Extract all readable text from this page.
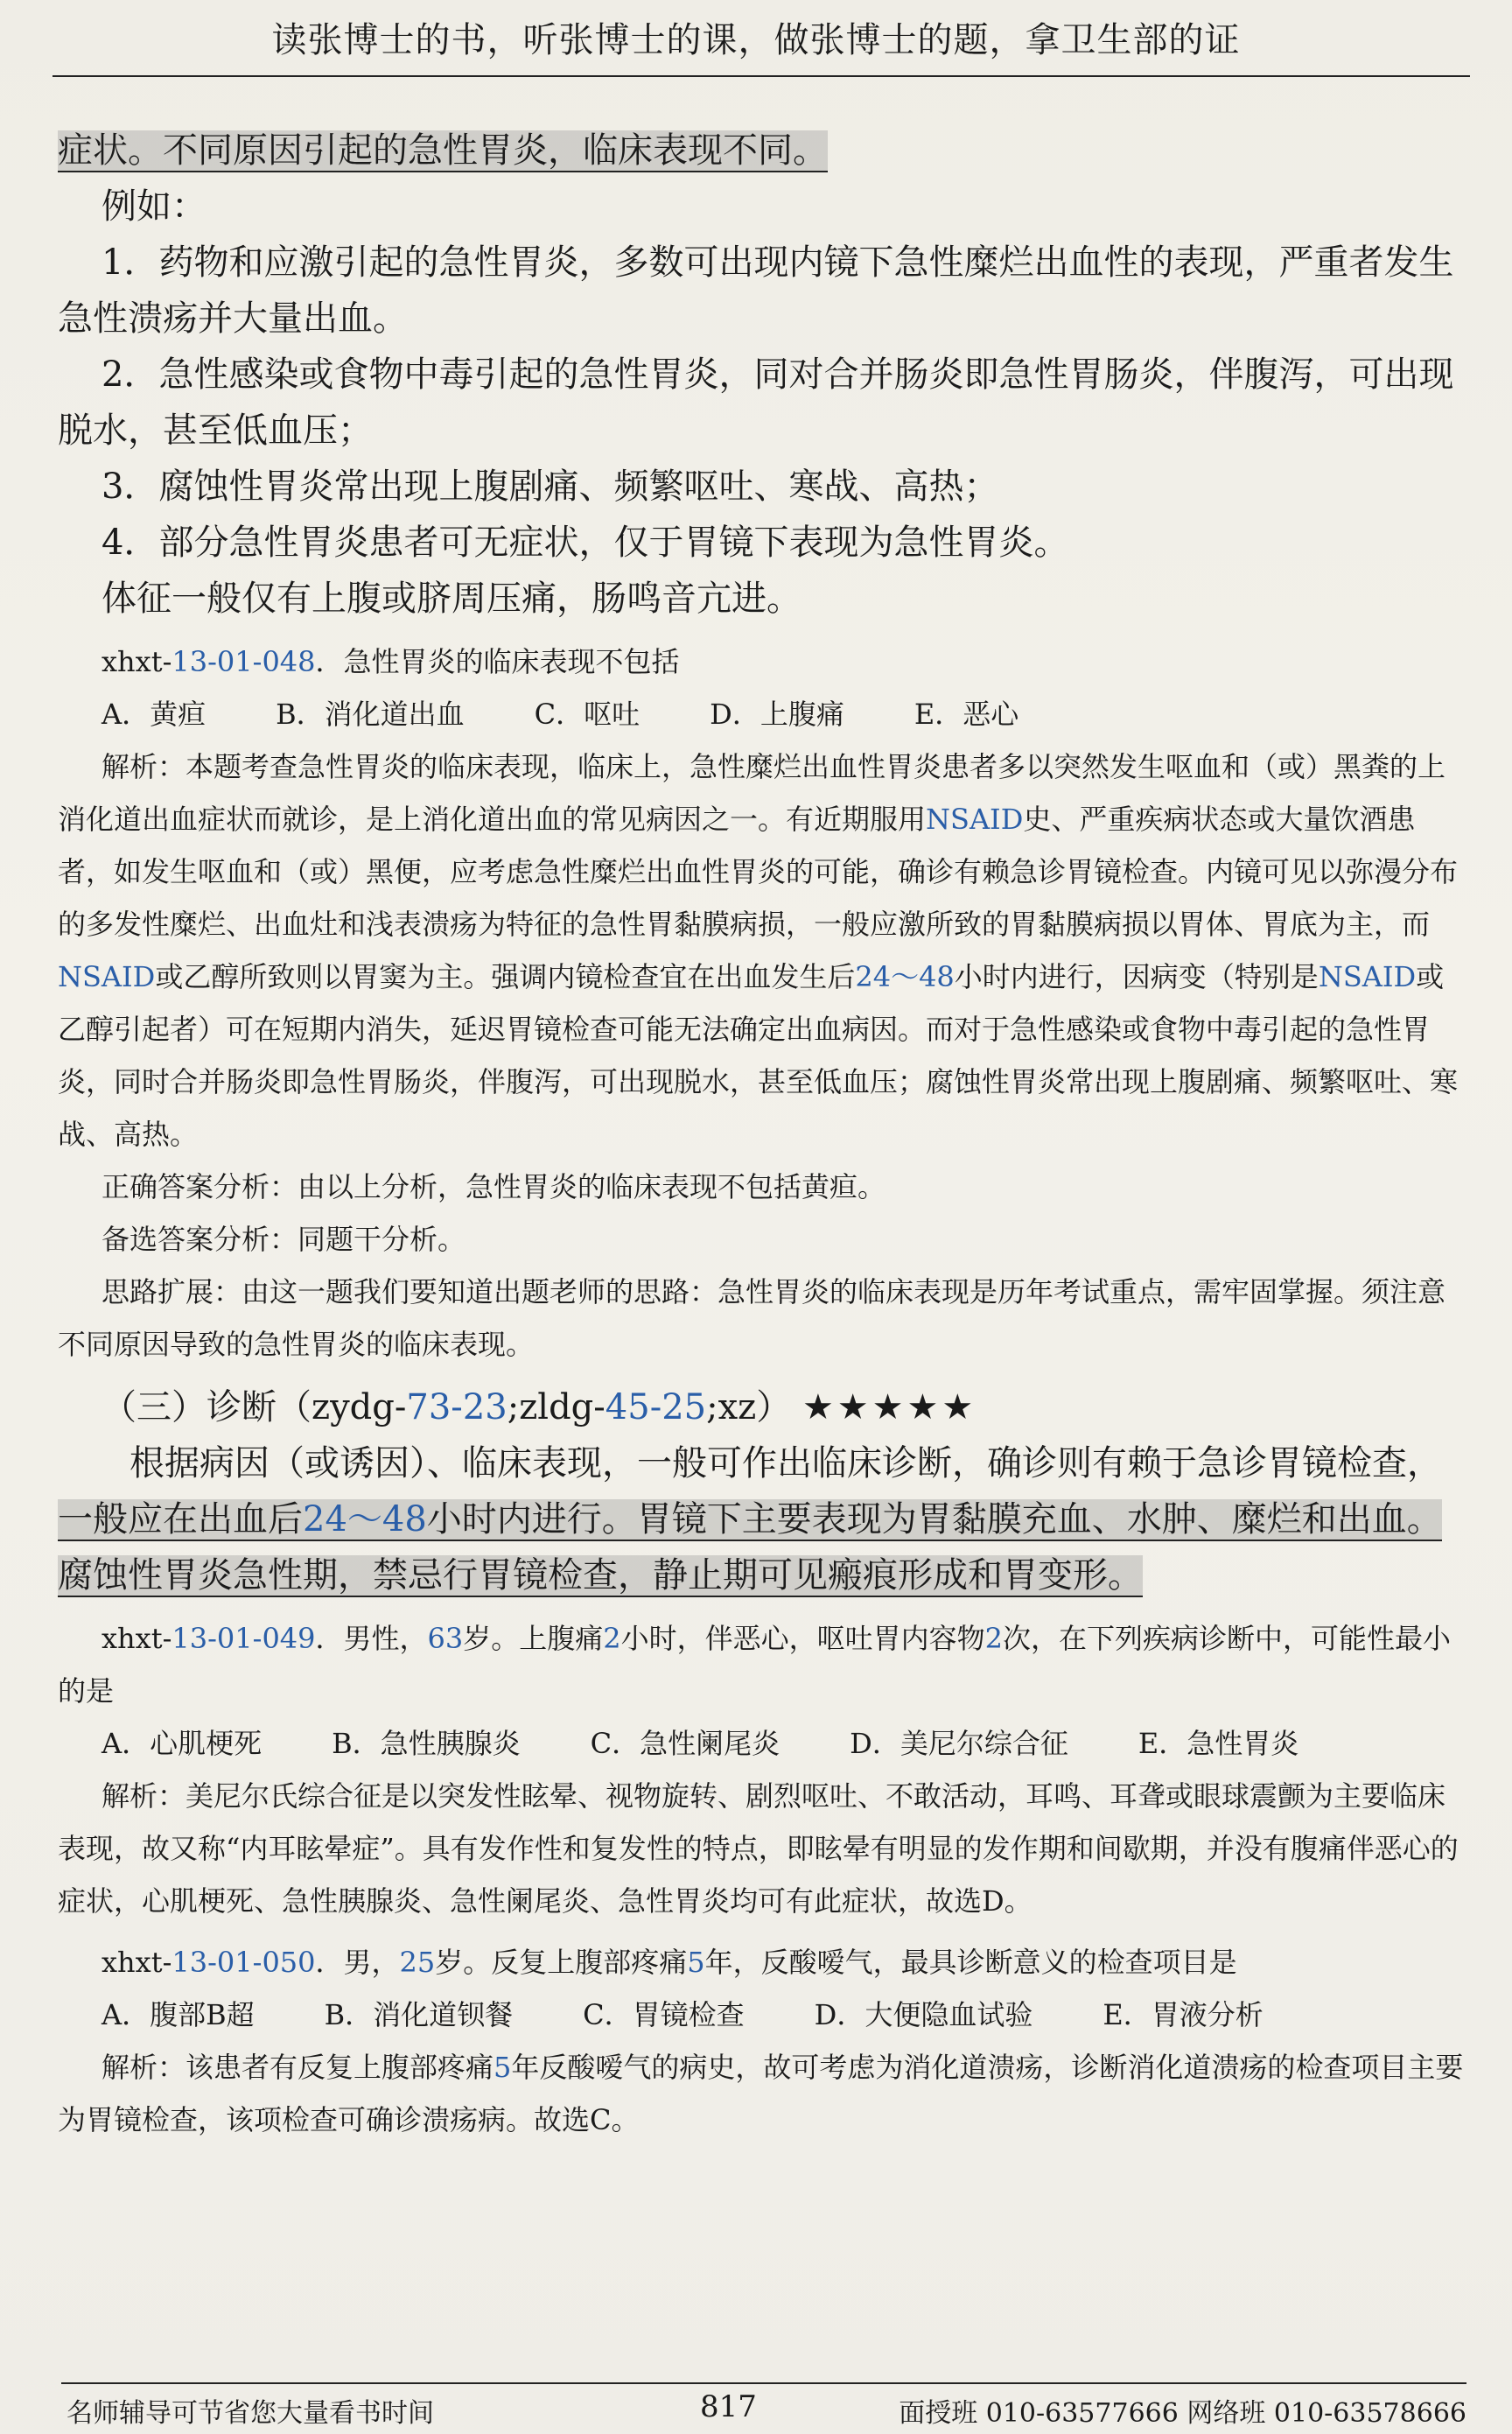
读张博士的书，听张博士的课，做张博士的题，拿卫生部的证

症状。不同原因引起的急性胃炎，临床表现不同。

例如：

1．药物和应激引起的急性胃炎，多数可出现内镜下急性糜烂出血性的表现，严重者发生急性溃疡并大量出血。

2．急性感染或食物中毒引起的急性胃炎，同对合并肠炎即急性胃肠炎，伴腹泻，可出现脱水，甚至低血压；

3．腐蚀性胃炎常出现上腹剧痛、频繁呕吐、寒战、高热；

4．部分急性胃炎患者可无症状，仅于胃镜下表现为急性胃炎。

体征一般仅有上腹或脐周压痛，肠鸣音亢进。

xhxt-13-01-048．急性胃炎的临床表现不包括

A．黄疸	B．消化道出血	C．呕吐	D．上腹痛	E．恶心

解析：本题考查急性胃炎的临床表现，临床上，急性糜烂出血性胃炎患者多以突然发生呕血和（或）黑粪的上消化道出血症状而就诊，是上消化道出血的常见病因之一。有近期服用NSAID史、严重疾病状态或大量饮酒患者，如发生呕血和（或）黑便，应考虑急性糜烂出血性胃炎的可能，确诊有赖急诊胃镜检查。内镜可见以弥漫分布的多发性糜烂、出血灶和浅表溃疡为特征的急性胃黏膜病损，一般应激所致的胃黏膜病损以胃体、胃底为主，而NSAID或乙醇所致则以胃窦为主。强调内镜检查宜在出血发生后24～48小时内进行，因病变（特别是NSAID或乙醇引起者）可在短期内消失，延迟胃镜检查可能无法确定出血病因。而对于急性感染或食物中毒引起的急性胃炎，同时合并肠炎即急性胃肠炎，伴腹泻，可出现脱水，甚至低血压；腐蚀性胃炎常出现上腹剧痛、频繁呕吐、寒战、高热。

正确答案分析：由以上分析，急性胃炎的临床表现不包括黄疸。

备选答案分析：同题干分析。

思路扩展：由这一题我们要知道出题老师的思路：急性胃炎的临床表现是历年考试重点，需牢固掌握。须注意不同原因导致的急性胃炎的临床表现。

（三）诊断（zydg-73-23;zldg-45-25;xz） ★★★★★

根据病因（或诱因）、临床表现，一般可作出临床诊断，确诊则有赖于急诊胃镜检查，一般应在出血后24～48小时内进行。胃镜下主要表现为胃黏膜充血、水肿、糜烂和出血。腐蚀性胃炎急性期，禁忌行胃镜检查，静止期可见瘢痕形成和胃变形。

xhxt-13-01-049．男性，63岁。上腹痛2小时，伴恶心，呕吐胃内容物2次，在下列疾病诊断中，可能性最小的是

A．心肌梗死	B．急性胰腺炎	C．急性阑尾炎	D．美尼尔综合征	E．急性胃炎

解析：美尼尔氏综合征是以突发性眩晕、视物旋转、剧烈呕吐、不敢活动，耳鸣、耳聋或眼球震颤为主要临床表现，故又称“内耳眩晕症”。具有发作性和复发性的特点，即眩晕有明显的发作期和间歇期，并没有腹痛伴恶心的症状，心肌梗死、急性胰腺炎、急性阑尾炎、急性胃炎均可有此症状，故选D。

xhxt-13-01-050．男，25岁。反复上腹部疼痛5年，反酸嗳气，最具诊断意义的检查项目是

A．腹部B超	B．消化道钡餐	C．胃镜检查	D．大便隐血试验	E．胃液分析

解析：该患者有反复上腹部疼痛5年反酸嗳气的病史，故可考虑为消化道溃疡，诊断消化道溃疡的检查项目主要为胃镜检查，该项检查可确诊溃疡病。故选C。

名师辅导可节省您大量看书时间	817	面授班 010-63577666 网络班 010-63578666
